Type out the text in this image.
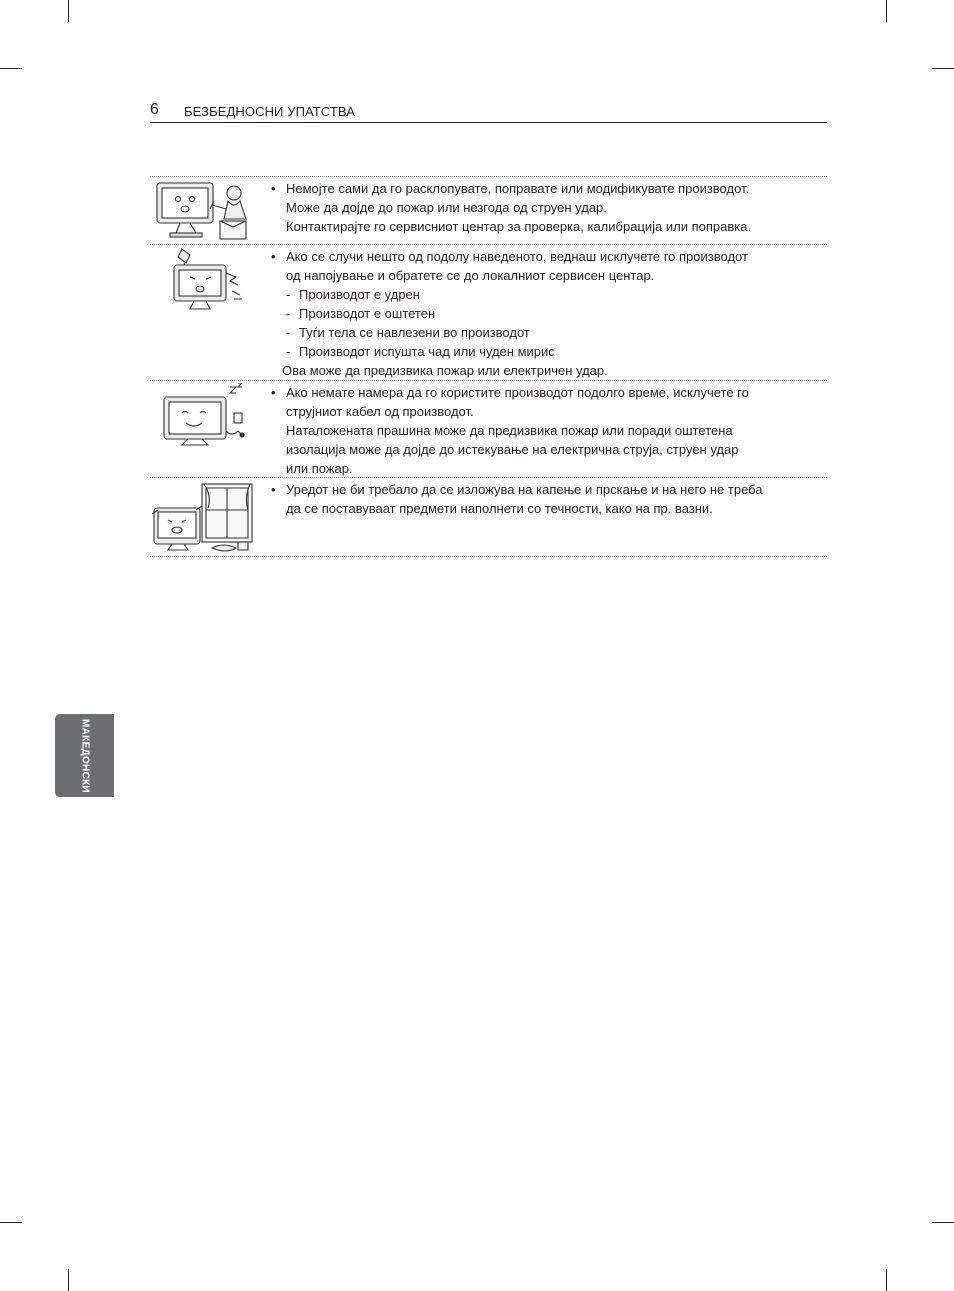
6 БЕЗБЕДНОСНИ УПАТСТВА
• Немојте сами да го расклопувате, поправате или модификувате производот.
Може да дојде до пожар или незгода од струен удар.
Контактирајте го сервисниот центар за проверка, калибрација или поправка.
• Ако се случи нешто од подолу наведеното, веднаш исклучете го производот
од напојување и обратете се до локалниот сервисен центар.
- Производот е удрен
- Производот е оштетен
- Туѓи тела се навлезени во производот
- Производот испушта чад или чуден мирис
Ова може да предизвика пожар или електричен удар.
• Ако немате намера да го користите производот подолго време, исклучете го
струјниот кабел од производот.
Наталожената прашина може да предизвика пожар или поради оштетена
изолација може да дојде до истекување на електрична струја, струен удар
или пожар.
• Уредот не би требало да се изложува на капење и прскање и на него не треба
да се поставуваат предмети наполнети со течности, како на пр. вазни.
МАКЕДОНСКИ
